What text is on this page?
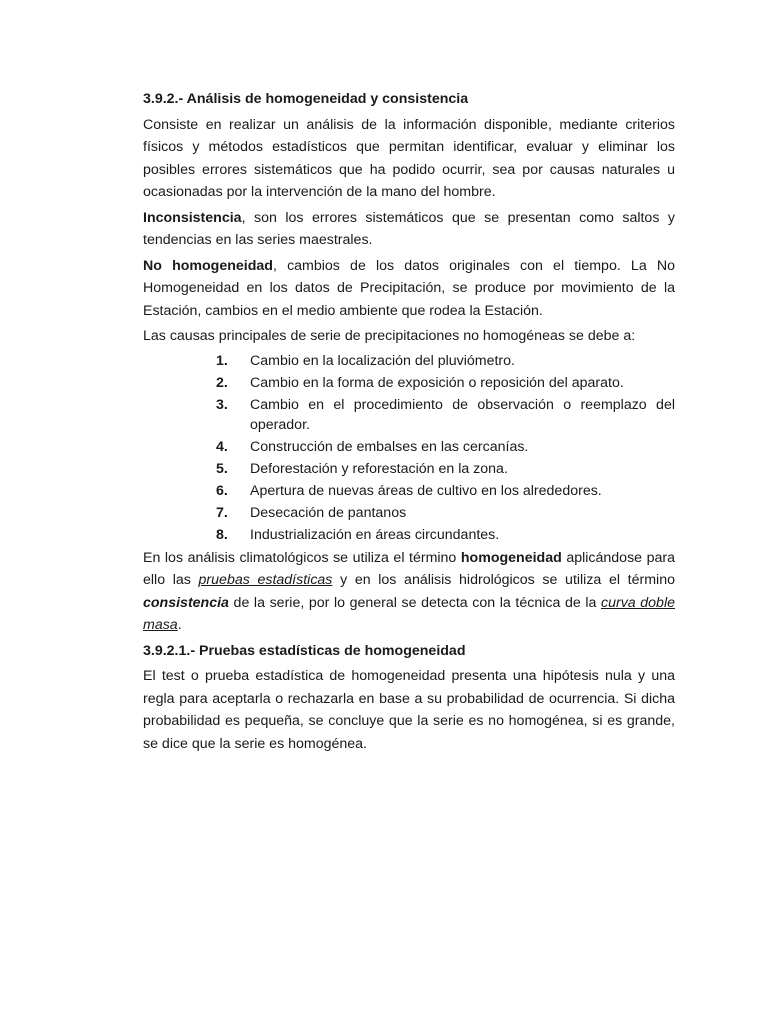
3.9.2.- Análisis de homogeneidad y consistencia

Consiste en realizar un análisis de la información disponible, mediante criterios físicos y métodos estadísticos que permitan identificar, evaluar y eliminar los posibles errores sistemáticos que ha podido ocurrir, sea por causas naturales u ocasionadas por la intervención de la mano del hombre.

Inconsistencia, son los errores sistemáticos que se presentan como saltos y tendencias en las series maestrales.

No homogeneidad, cambios de los datos originales con el tiempo. La No Homogeneidad en los datos de Precipitación, se produce por movimiento de la Estación, cambios en el medio ambiente que rodea la Estación.

Las causas principales de serie de precipitaciones no homogéneas se debe a:

1.	Cambio en la localización del pluviómetro.
2.	Cambio en la forma de exposición o reposición del aparato.
3.	Cambio en el procedimiento de observación o reemplazo del operador.
4.	Construcción de embalses en las cercanías.
5.	Deforestación y reforestación en la zona.
6.	Apertura de nuevas áreas de cultivo en los alrededores.
7.	Desecación de pantanos
8.	Industrialización en áreas circundantes.

En los análisis climatológicos se utiliza el término homogeneidad aplicándose para ello las pruebas estadísticas y en los análisis hidrológicos se utiliza el término consistencia de la serie, por lo general se detecta con la técnica de la curva doble masa.

3.9.2.1.- Pruebas estadísticas de homogeneidad

El test o prueba estadística de homogeneidad presenta una hipótesis nula y una regla para aceptarla o rechazarla en base a su probabilidad de ocurrencia. Si dicha probabilidad es pequeña, se concluye que la serie es no homogénea, si es grande, se dice que la serie es homogénea.
